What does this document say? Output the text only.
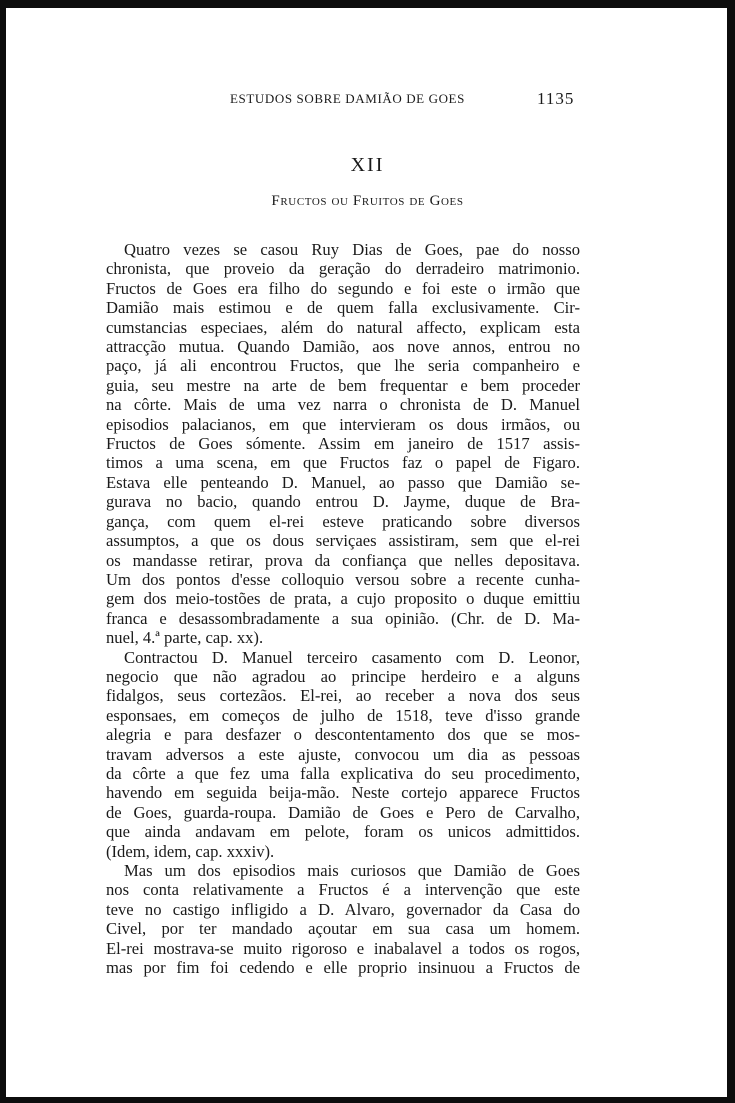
ESTUDOS SOBRE DAMIÃO DE GOES	1135
XII
Fructos ou Fruitos de Goes
Quatro vezes se casou Ruy Dias de Goes, pae do nosso
chronista, que proveio da geração do derradeiro matrimonio.
Fructos de Goes era filho do segundo e foi este o irmão que
Damião mais estimou e de quem falla exclusivamente. Cir-
cumstancias especiaes, além do natural affecto, explicam esta
attracção mutua. Quando Damião, aos nove annos, entrou no
paço, já ali encontrou Fructos, que lhe seria companheiro e
guia, seu mestre na arte de bem frequentar e bem proceder
na côrte. Mais de uma vez narra o chronista de D. Manuel
episodios palacianos, em que intervieram os dous irmãos, ou
Fructos de Goes sómente. Assim em janeiro de 1517 assis-
timos a uma scena, em que Fructos faz o papel de Figaro.
Estava elle penteando D. Manuel, ao passo que Damião se-
gurava no bacio, quando entrou D. Jayme, duque de Bra-
gança, com quem el-rei esteve praticando sobre diversos
assumptos, a que os dous serviçaes assistiram, sem que el-rei
os mandasse retirar, prova da confiança que nelles depositava.
Um dos pontos d'esse colloquio versou sobre a recente cunha-
gem dos meio-tostões de prata, a cujo proposito o duque emittiu
franca e desassombradamente a sua opinião. (Chr. de D. Ma-
nuel, 4.ª parte, cap. xx).
Contractou D. Manuel terceiro casamento com D. Leonor,
negocio que não agradou ao principe herdeiro e a alguns
fidalgos, seus cortezãos. El-rei, ao receber a nova dos seus
esponsaes, em começos de julho de 1518, teve d'isso grande
alegria e para desfazer o descontentamento dos que se mos-
travam adversos a este ajuste, convocou um dia as pessoas
da côrte a que fez uma falla explicativa do seu procedimento,
havendo em seguida beija-mão. Neste cortejo apparece Fructos
de Goes, guarda-roupa. Damião de Goes e Pero de Carvalho,
que ainda andavam em pelote, foram os unicos admittidos.
(Idem, idem, cap. xxxiv).
Mas um dos episodios mais curiosos que Damião de Goes
nos conta relativamente a Fructos é a intervenção que este
teve no castigo infligido a D. Alvaro, governador da Casa do
Civel, por ter mandado açoutar em sua casa um homem.
El-rei mostrava-se muito rigoroso e inabalavel a todos os rogos,
mas por fim foi cedendo e elle proprio insinuou a Fructos de
